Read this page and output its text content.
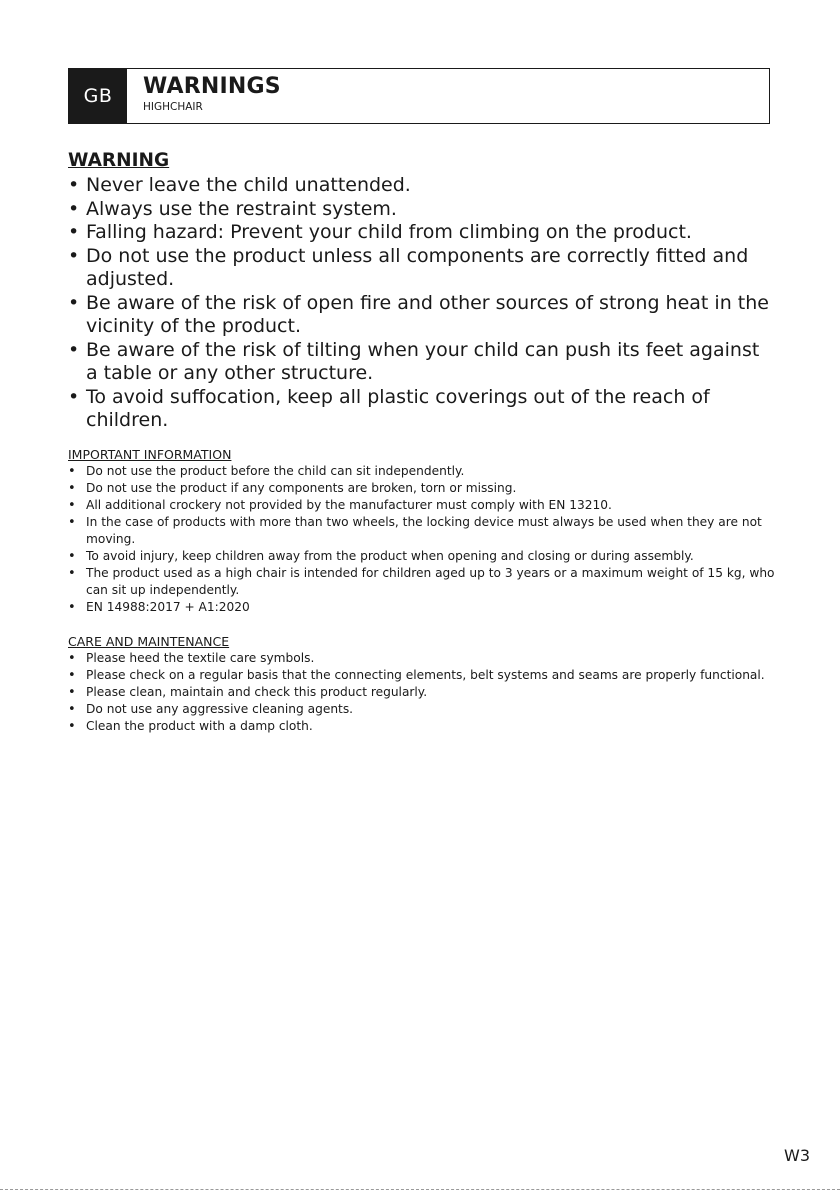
GB	WARNINGS
HIGHCHAIR
WARNING
• Never leave the child unattended.
• Always use the restraint system.
• Falling hazard: Prevent your child from climbing on the product.
• Do not use the product unless all components are correctly fitted and adjusted.
• Be aware of the risk of open fire and other sources of strong heat in the vicinity of the product.
• Be aware of the risk of tilting when your child can push its feet against a table or any other structure.
• To avoid suffocation, keep all plastic coverings out of the reach of children.
IMPORTANT INFORMATION
• Do not use the product before the child can sit independently.
• Do not use the product if any components are broken, torn or missing.
• All additional crockery not provided by the manufacturer must comply with EN 13210.
• In the case of products with more than two wheels, the locking device must always be used when they are not moving.
• To avoid injury, keep children away from the product when opening and closing or during assembly.
• The product used as a high chair is intended for children aged up to 3 years or a maximum weight of 15 kg, who can sit up independently.
• EN 14988:2017 + A1:2020
CARE AND MAINTENANCE
• Please heed the textile care symbols.
• Please check on a regular basis that the connecting elements, belt systems and seams are properly functional.
• Please clean, maintain and check this product regularly.
• Do not use any aggressive cleaning agents.
• Clean the product with a damp cloth.
W3
